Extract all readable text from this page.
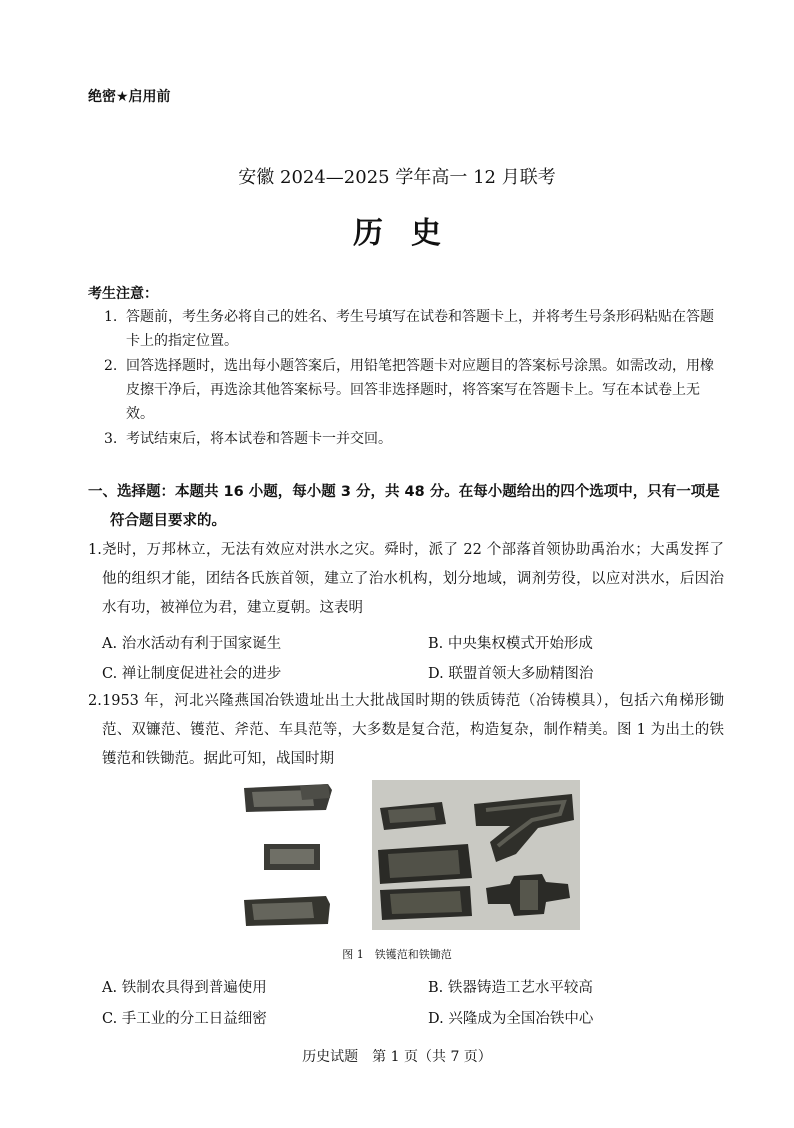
绝密★启用前
安徽 2024—2025 学年高一 12 月联考
历史
考生注意：
1. 答题前，考生务必将自己的姓名、考生号填写在试卷和答题卡上，并将考生号条形码粘贴在答题卡上的指定位置。
2. 回答选择题时，选出每小题答案后，用铅笔把答题卡对应题目的答案标号涂黑。如需改动，用橡皮擦干净后，再选涂其他答案标号。回答非选择题时，将答案写在答题卡上。写在本试卷上无效。
3. 考试结束后，将本试卷和答题卡一并交回。
一、选择题：本题共 16 小题，每小题 3 分，共 48 分。在每小题给出的四个选项中，只有一项是
符合题目要求的。
1. 尧时，万邦林立，无法有效应对洪水之灾。舜时，派了 22 个部落首领协助禹治水；大禹发挥了他的组织才能，团结各氏族首领，建立了治水机构，划分地域，调剂劳役，以应对洪水，后因治水有功，被禅位为君，建立夏朝。这表明
A. 治水活动有利于国家诞生	B. 中央集权模式开始形成
C. 禅让制度促进社会的进步	D. 联盟首领大多励精图治
2. 1953 年，河北兴隆燕国冶铁遗址出土大批战国时期的铁质铸范（冶铸模具），包括六角梯形锄范、双镰范、镬范、斧范、车具范等，大多数是复合范，构造复杂，制作精美。图 1 为出土的铁镬范和铁锄范。据此可知，战国时期
图 1　铁镬范和铁锄范
A. 铁制农具得到普遍使用	B. 铁器铸造工艺水平较高
C. 手工业的分工日益细密	D. 兴隆成为全国冶铁中心
历史试题　第 1 页（共 7 页）
